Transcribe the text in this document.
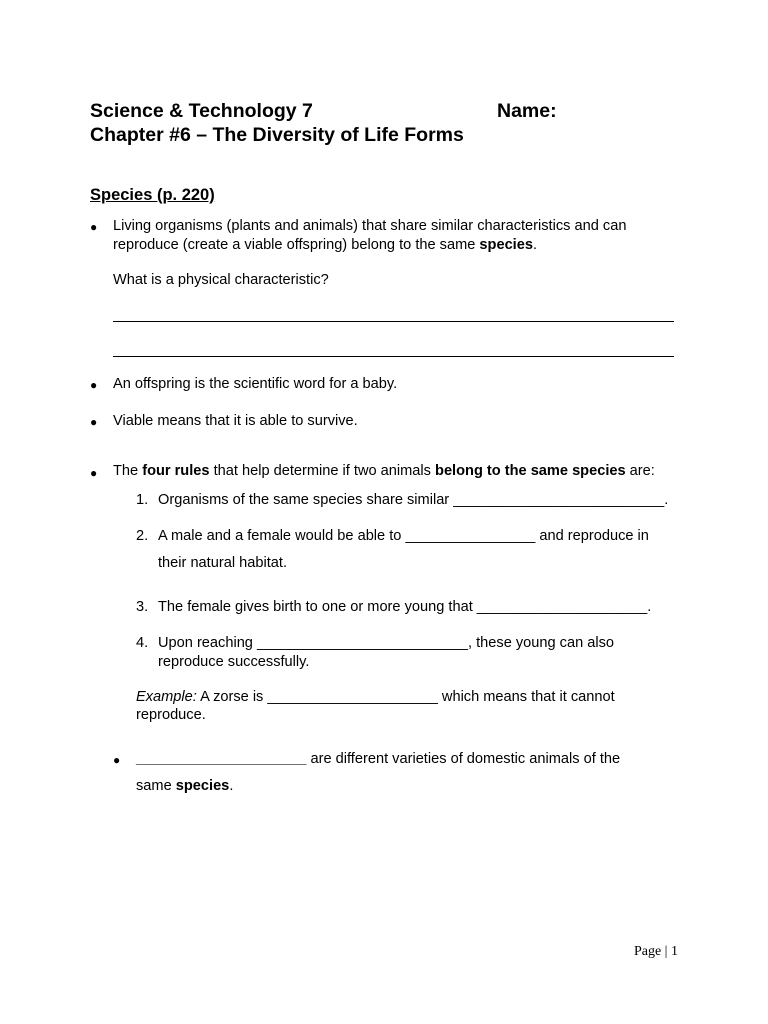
Science & Technology 7	Name:
Chapter #6 – The Diversity of Life Forms
Species (p. 220)
● Living organisms (plants and animals) that share similar characteristics and can
reproduce (create a viable offspring) belong to the same species.
What is a physical characteristic?
● An offspring is the scientific word for a baby.
● Viable means that it is able to survive.
● The four rules that help determine if two animals belong to the same species are:
1. Organisms of the same species share similar __________________________.
2. A male and a female would be able to ________________ and reproduce in
their natural habitat.
3. The female gives birth to one or more young that _____________________.
4. Upon reaching __________________________, these young can also
reproduce successfully.
Example: A zorse is _____________________ which means that it cannot
reproduce.
● _____________________ are different varieties of domestic animals of the
same species.
Page | 1
